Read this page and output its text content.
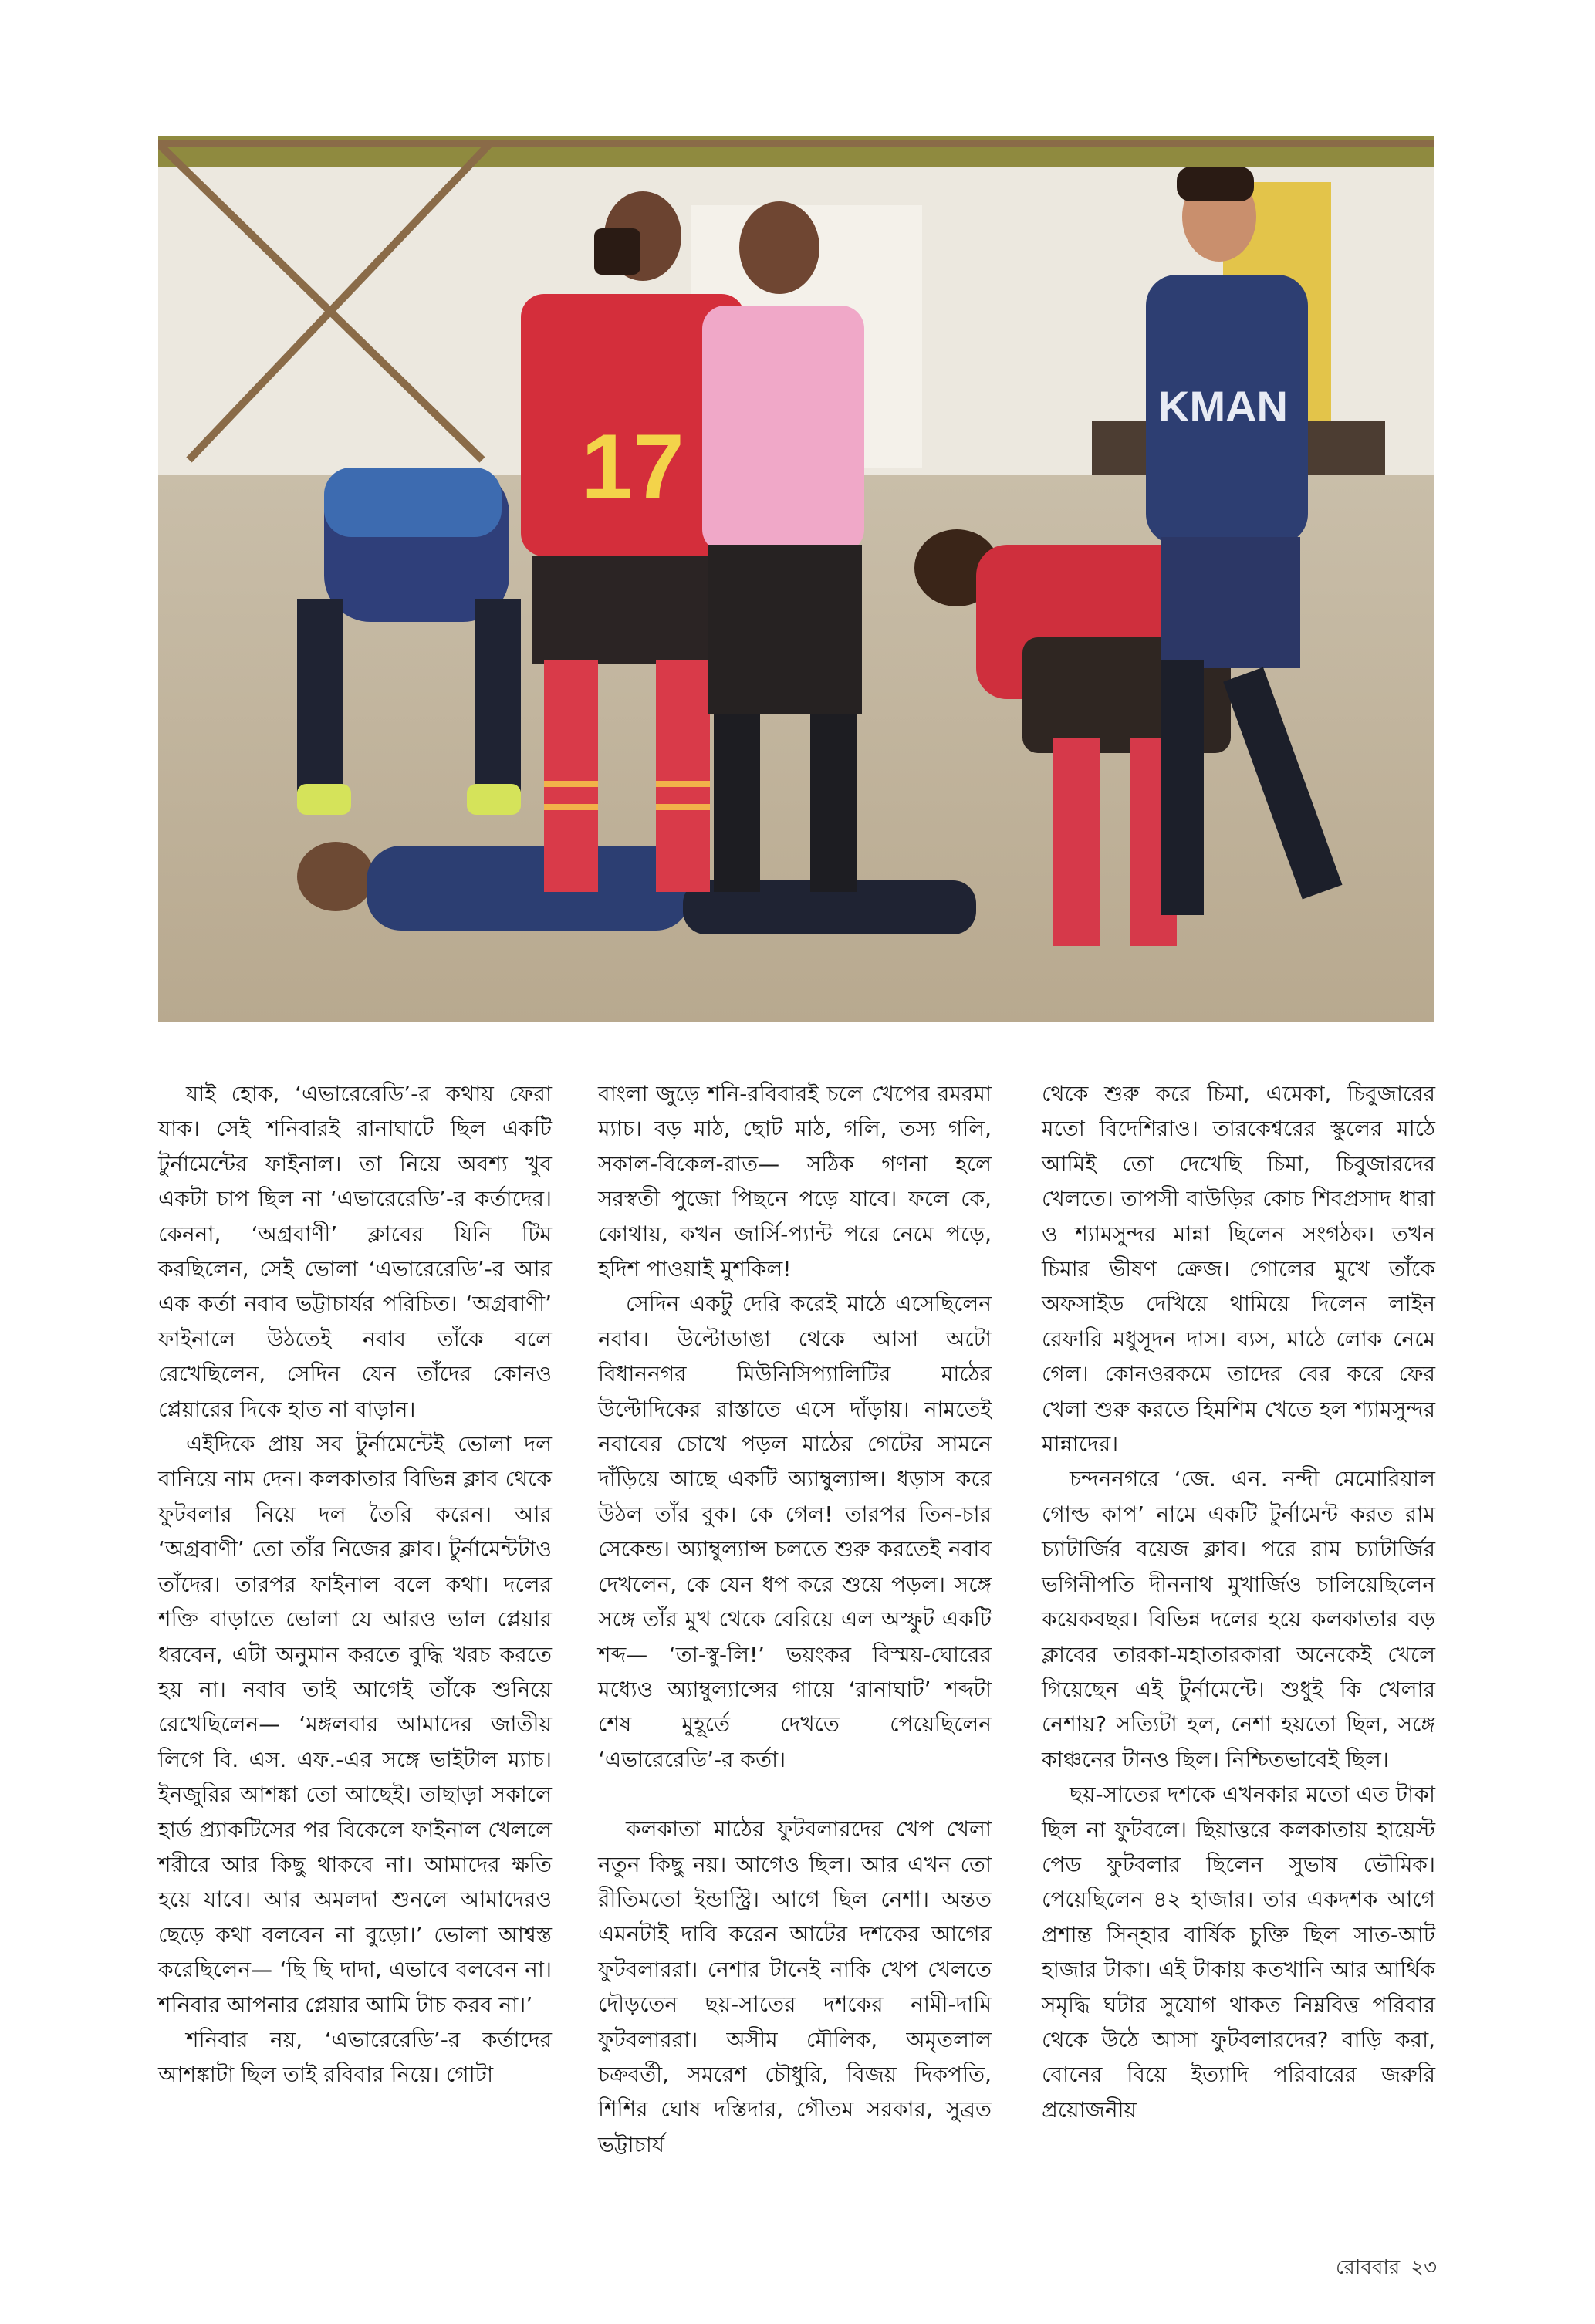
17
KMAN

যাই হোক, ‘এভারেরেডি’-র কথায় ফেরা যাক। সেই শনিবারই রানাঘাটে ছিল একটি টুর্নামেন্টের ফাইনাল। তা নিয়ে অবশ্য খুব একটা চাপ ছিল না ‘এভারেরেডি’-র কর্তাদের। কেননা, ‘অগ্রবাণী’ ক্লাবের যিনি টিম করছিলেন, সেই ভোলা ‘এভারেরেডি’-র আর এক কর্তা নবাব ভট্টাচার্যর পরিচিত। ‘অগ্রবাণী’ ফাইনালে উঠতেই নবাব তাঁকে বলে রেখেছিলেন, সেদিন যেন তাঁদের কোনও প্লেয়ারের দিকে হাত না বাড়ান।

এইদিকে প্রায় সব টুর্নামেন্টেই ভোলা দল বানিয়ে নাম দেন। কলকাতার বিভিন্ন ক্লাব থেকে ফুটবলার নিয়ে দল তৈরি করেন। আর ‘অগ্রবাণী’ তো তাঁর নিজের ক্লাব। টুর্নামেন্টটাও তাঁদের। তারপর ফাইনাল বলে কথা। দলের শক্তি বাড়াতে ভোলা যে আরও ভাল প্লেয়ার ধরবেন, এটা অনুমান করতে বুদ্ধি খরচ করতে হয় না। নবাব তাই আগেই তাঁকে শুনিয়ে রেখেছিলেন— ‘মঙ্গলবার আমাদের জাতীয় লিগে বি. এস. এফ.-এর সঙ্গে ভাইটাল ম্যাচ। ইনজুরির আশঙ্কা তো আছেই। তাছাড়া সকালে হার্ড প্র্যাকটিসের পর বিকেলে ফাইনাল খেললে শরীরে আর কিছু থাকবে না। আমাদের ক্ষতি হয়ে যাবে। আর অমলদা শুনলে আমাদেরও ছেড়ে কথা বলবেন না বুড়ো।’ ভোলা আশ্বস্ত করেছিলেন— ‘ছি ছি দাদা, এভাবে বলবেন না। শনিবার আপনার প্লেয়ার আমি টাচ করব না।’

শনিবার নয়, ‘এভারেরেডি’-র কর্তাদের আশঙ্কাটা ছিল তাই রবিবার নিয়ে। গোটা

বাংলা জুড়ে শনি-রবিবারই চলে খেপের রমরমা ম্যাচ। বড় মাঠ, ছোট মাঠ, গলি, তস্য গলি, সকাল-বিকেল-রাত— সঠিক গণনা হলে সরস্বতী পুজো পিছনে পড়ে যাবে। ফলে কে, কোথায়, কখন জার্সি-প্যান্ট পরে নেমে পড়ে, হদিশ পাওয়াই মুশকিল!

সেদিন একটু দেরি করেই মাঠে এসেছিলেন নবাব। উল্টোডাঙা থেকে আসা অটো বিধাননগর মিউনিসিপ্যালিটির মাঠের উল্টোদিকের রাস্তাতে এসে দাঁড়ায়। নামতেই নবাবের চোখে পড়ল মাঠের গেটের সামনে দাঁড়িয়ে আছে একটি অ্যাম্বুল্যান্স। ধড়াস করে উঠল তাঁর বুক। কে গেল! তারপর তিন-চার সেকেন্ড। অ্যাম্বুল্যান্স চলতে শুরু করতেই নবাব দেখলেন, কে যেন ধপ করে শুয়ে পড়ল। সঙ্গে সঙ্গে তাঁর মুখ থেকে বেরিয়ে এল অস্ফুট একটি শব্দ— ‘তা-স্বু-লি!’ ভয়ংকর বিস্ময়-ঘোরের মধ্যেও অ্যাম্বুল্যান্সের গায়ে ‘রানাঘাট’ শব্দটা শেষ মুহূর্তে দেখতে পেয়েছিলেন ‘এভারেরেডি’-র কর্তা।

কলকাতা মাঠের ফুটবলারদের খেপ খেলা নতুন কিছু নয়। আগেও ছিল। আর এখন তো রীতিমতো ইন্ডাস্ট্রি। আগে ছিল নেশা। অন্তত এমনটাই দাবি করেন আটের দশকের আগের ফুটবলাররা। নেশার টানেই নাকি খেপ খেলতে দৌড়তেন ছয়-সাতের দশকের নামী-দামি ফুটবলাররা। অসীম মৌলিক, অমৃতলাল চক্রবর্তী, সমরেশ চৌধুরি, বিজয় দিকপতি, শিশির ঘোষ দস্তিদার, গৌতম সরকার, সুব্রত ভট্টাচার্য

থেকে শুরু করে চিমা, এমেকা, চিবুজারের মতো বিদেশিরাও। তারকেশ্বরের স্কুলের মাঠে আমিই তো দেখেছি চিমা, চিবুজারদের খেলতে। তাপসী বাউড়ির কোচ শিবপ্রসাদ ধারা ও শ্যামসুন্দর মান্না ছিলেন সংগঠক। তখন চিমার ভীষণ ক্রেজ। গোলের মুখে তাঁকে অফসাইড দেখিয়ে থামিয়ে দিলেন লাইন রেফারি মধুসূদন দাস। ব্যস, মাঠে লোক নেমে গেল। কোনওরকমে তাদের বের করে ফের খেলা শুরু করতে হিমশিম খেতে হল শ্যামসুন্দর মান্নাদের।

চন্দননগরে ‘জে. এন. নন্দী মেমোরিয়াল গোল্ড কাপ’ নামে একটি টুর্নামেন্ট করত রাম চ্যাটার্জির বয়েজ ক্লাব। পরে রাম চ্যাটার্জির ভগিনীপতি দীননাথ মুখার্জিও চালিয়েছিলেন কয়েকবছর। বিভিন্ন দলের হয়ে কলকাতার বড় ক্লাবের তারকা-মহাতারকারা অনেকেই খেলে গিয়েছেন এই টুর্নামেন্টে। শুধুই কি খেলার নেশায়? সত্যিটা হল, নেশা হয়তো ছিল, সঙ্গে কাঞ্চনের টানও ছিল। নিশ্চিতভাবেই ছিল।

ছয়-সাতের দশকে এখনকার মতো এত টাকা ছিল না ফুটবলে। ছিয়াত্তরে কলকাতায় হায়েস্ট পেড ফুটবলার ছিলেন সুভাষ ভৌমিক। পেয়েছিলেন ৪২ হাজার। তার একদশক আগে প্রশান্ত সিন্‌হার বার্ষিক চুক্তি ছিল সাত-আট হাজার টাকা। এই টাকায় কতখানি আর আর্থিক সমৃদ্ধি ঘটার সুযোগ থাকত নিম্নবিত্ত পরিবার থেকে উঠে আসা ফুটবলারদের? বাড়ি করা, বোনের বিয়ে ইত্যাদি পরিবারের জরুরি প্রয়োজনীয়

রোববার ২৩
